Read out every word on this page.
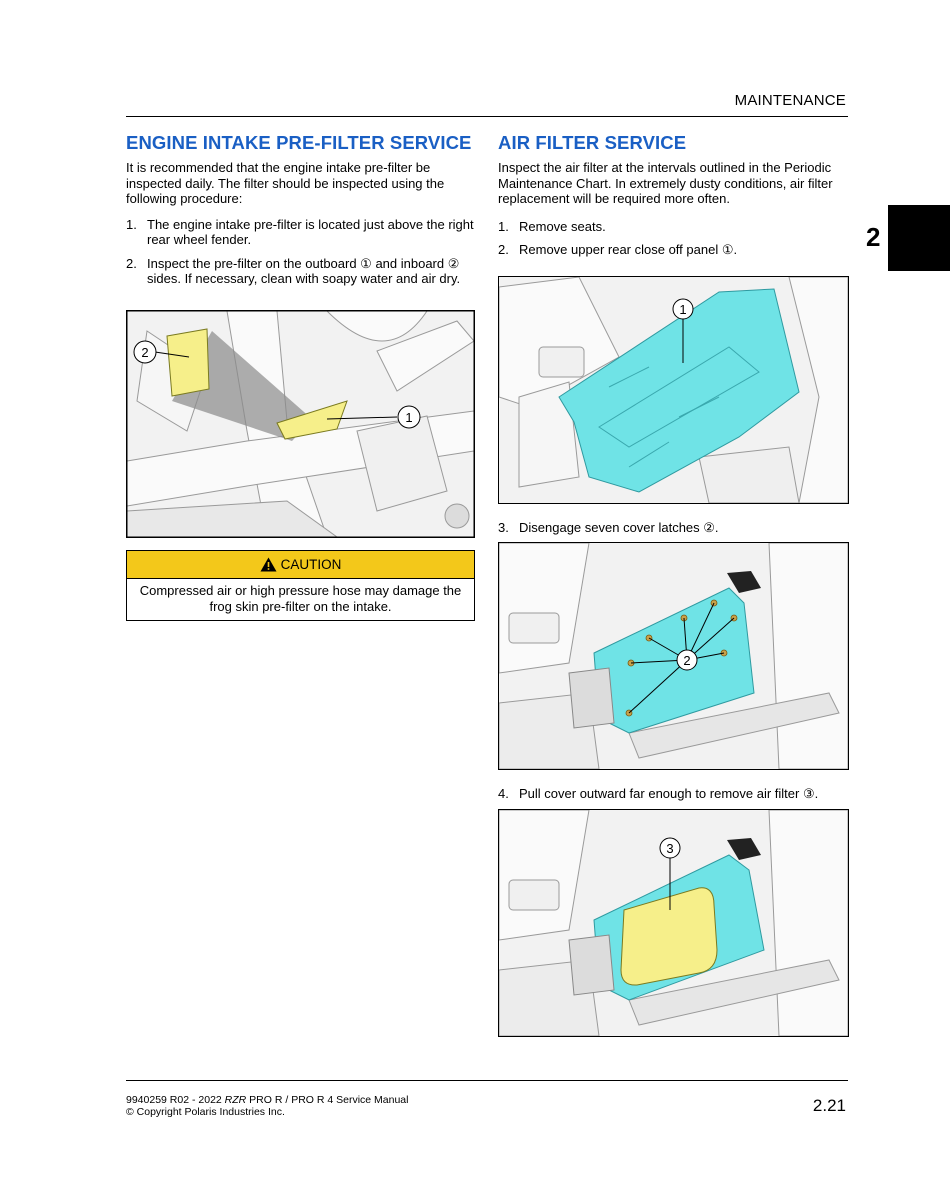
MAINTENANCE
2
ENGINE INTAKE PRE-FILTER SERVICE
It is recommended that the engine intake pre-filter be inspected daily. The filter should be inspected using the following procedure:
1. The engine intake pre-filter is located just above the right rear wheel fender.
2. Inspect the pre-filter on the outboard ① and inboard ② sides. If necessary, clean with soapy water and air dry.
1
2
CAUTION
Compressed air or high pressure hose may damage the frog skin pre-filter on the intake.
AIR FILTER SERVICE
Inspect the air filter at the intervals outlined in the Periodic Maintenance Chart. In extremely dusty conditions, air filter replacement will be required more often.
1. Remove seats.
2. Remove upper rear close off panel ①.
1
3. Disengage seven cover latches ②.
2
4. Pull cover outward far enough to remove air filter ③.
3
9940259 R02 - 2022 RZR PRO R / PRO R 4 Service Manual
© Copyright Polaris Industries Inc.	2.21
